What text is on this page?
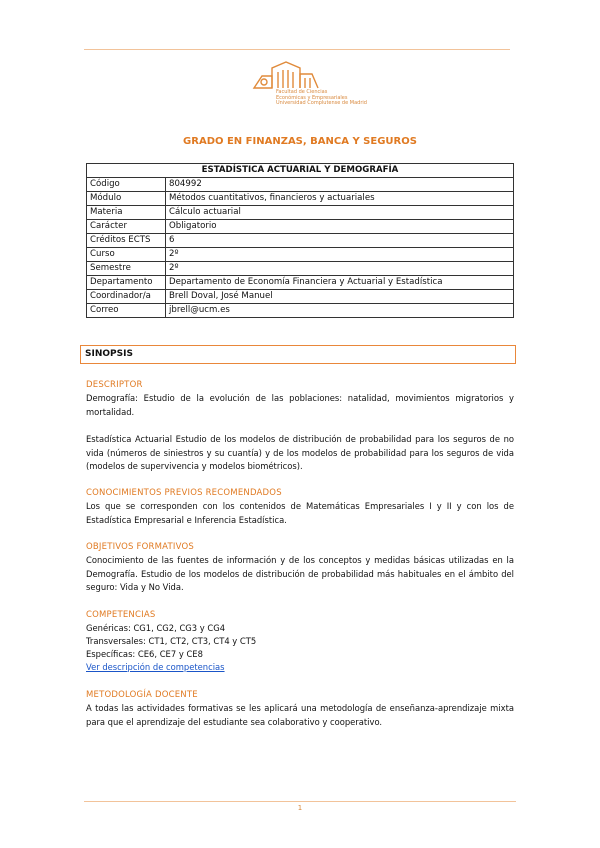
Facultad de Ciencias
Económicas y Empresariales
Universidad Complutense de Madrid
GRADO EN FINANZAS, BANCA Y SEGUROS
ESTADÍSTICA ACTUARIAL Y DEMOGRAFÍA	
Código	804992
Módulo	Métodos cuantitativos, financieros y actuariales
Materia	Cálculo actuarial
Carácter	Obligatorio
Créditos ECTS	6
Curso	2º
Semestre	2º
Departamento	Departamento de Economía Financiera y Actuarial y Estadística
Coordinador/a	Brell Doval, José Manuel
Correo	jbrell@ucm.es
SINOPSIS
DESCRIPTOR
Demografía: Estudio de la evolución de las poblaciones: natalidad, movimientos migratorios y mortalidad.
Estadística Actuarial Estudio de los modelos de distribución de probabilidad para los seguros de no vida (números de siniestros y su cuantía) y de los modelos de probabilidad para los seguros de vida (modelos de supervivencia y modelos biométricos).
CONOCIMIENTOS PREVIOS RECOMENDADOS
Los que se corresponden con los contenidos de Matemáticas Empresariales I y II y con los de Estadística Empresarial e Inferencia Estadística.
OBJETIVOS FORMATIVOS
Conocimiento de las fuentes de información y de los conceptos y medidas básicas utilizadas en la Demografía. Estudio de los modelos de distribución de probabilidad más habituales en el ámbito del seguro: Vida y No Vida.
COMPETENCIAS
Genéricas: CG1, CG2, CG3 y CG4
Transversales: CT1, CT2, CT3, CT4 y CT5
Específicas: CE6, CE7 y CE8
Ver descripción de competencias
METODOLOGÍA DOCENTE
A todas las actividades formativas se les aplicará una metodología de enseñanza-aprendizaje mixta para que el aprendizaje del estudiante sea colaborativo y cooperativo.
1
